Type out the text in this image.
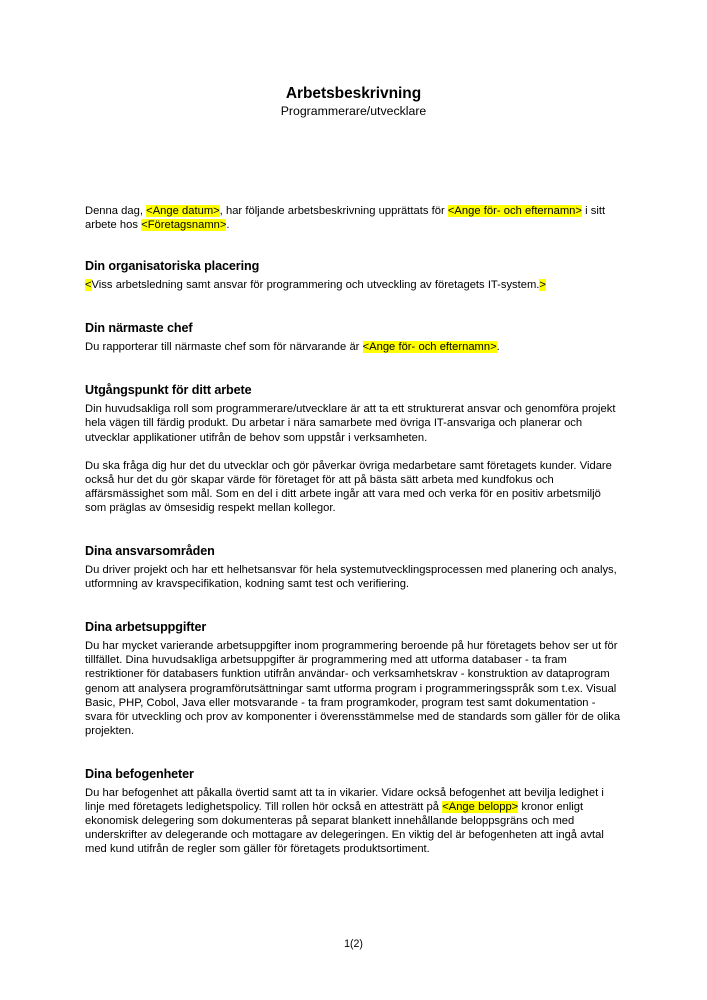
Arbetsbeskrivning
Programmerare/utvecklare

Denna dag, <Ange datum>, har följande arbetsbeskrivning upprättats för <Ange för- och efternamn> i sitt arbete hos <Företagsnamn>.

Din organisatoriska placering

<Viss arbetsledning samt ansvar för programmering och utveckling av företagets IT-system.>

Din närmaste chef

Du rapporterar till närmaste chef som för närvarande är <Ange för- och efternamn>.

Utgångspunkt för ditt arbete

Din huvudsakliga roll som programmerare/utvecklare är att ta ett strukturerat ansvar och genomföra projekt hela vägen till färdig produkt. Du arbetar i nära samarbete med övriga IT-ansvariga och planerar och utvecklar applikationer utifrån de behov som uppstår i verksamheten.

Du ska fråga dig hur det du utvecklar och gör påverkar övriga medarbetare samt företagets kunder. Vidare också hur det du gör skapar värde för företaget för att på bästa sätt arbeta med kundfokus och affärsmässighet som mål. Som en del i ditt arbete ingår att vara med och verka för en positiv arbetsmiljö som präglas av ömsesidig respekt mellan kollegor.

Dina ansvarsområden

Du driver projekt och har ett helhetsansvar för hela systemutvecklingsprocessen med planering och analys, utformning av kravspecifikation, kodning samt test och verifiering.

Dina arbetsuppgifter

Du har mycket varierande arbetsuppgifter inom programmering beroende på hur företagets behov ser ut för tillfället. Dina huvudsakliga arbetsuppgifter är programmering med att utforma databaser - ta fram restriktioner för databasers funktion utifrån användar- och verksamhetskrav - konstruktion av dataprogram genom att analysera programförutsättningar samt utforma program i programmeringsspråk som t.ex. Visual Basic, PHP, Cobol, Java eller motsvarande - ta fram programkoder, program test samt dokumentation - svara för utveckling och prov av komponenter i överensstämmelse med de standards som gäller för de olika projekten.

Dina befogenheter

Du har befogenhet att påkalla övertid samt att ta in vikarier. Vidare också befogenhet att bevilja ledighet i linje med företagets ledighetspolicy. Till rollen hör också en attesträtt på <Ange belopp> kronor enligt ekonomisk delegering som dokumenteras på separat blankett innehållande beloppsgräns och med underskrifter av delegerande och mottagare av delegeringen. En viktig del är befogenheten att ingå avtal med kund utifrån de regler som gäller för företagets produktsortiment.

1(2)
